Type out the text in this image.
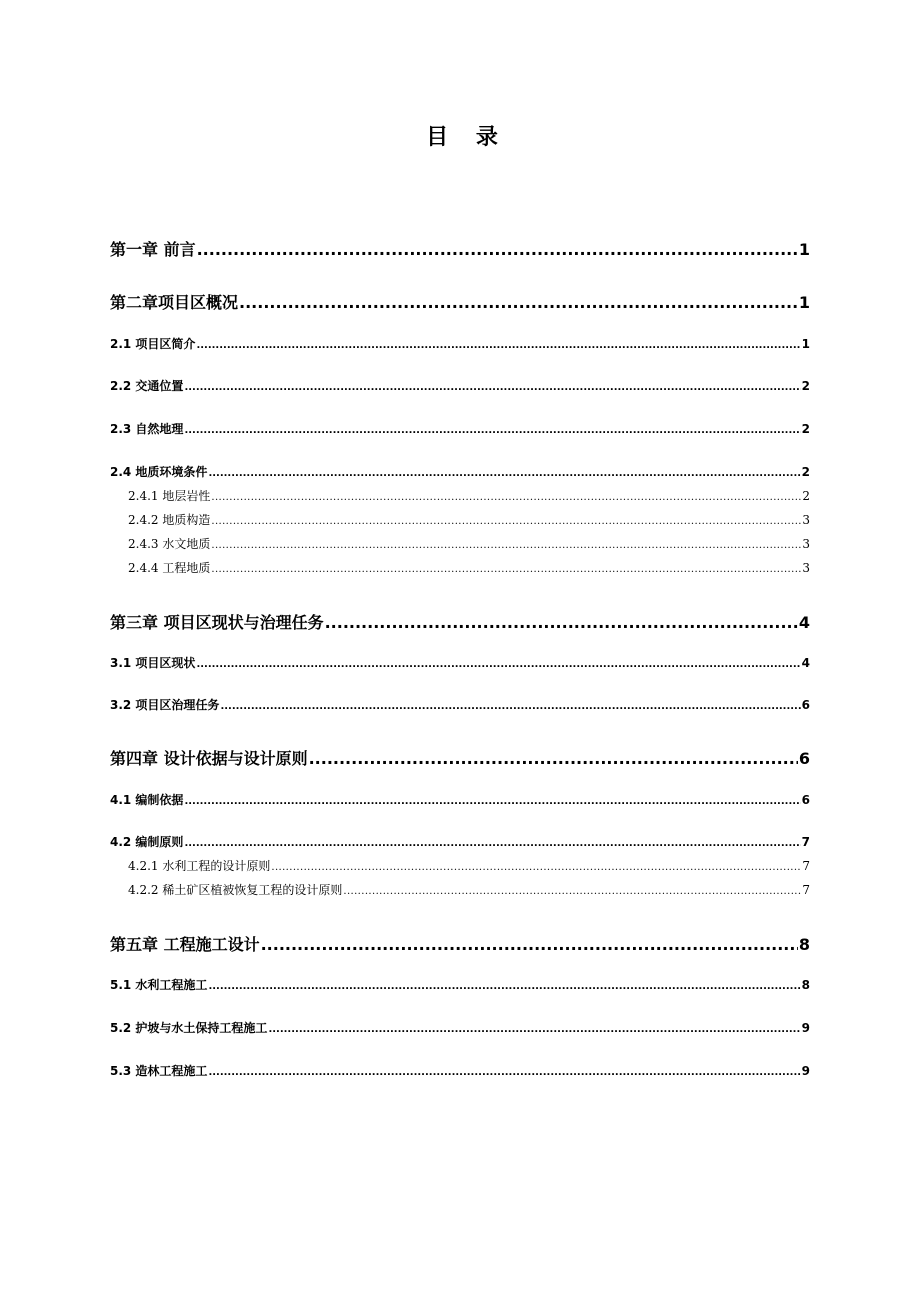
目 录
第一章 前言 .....	1
第二章项目区概况 .....	1
2.1 项目区简介 .....	1
2.2 交通位置 .....	2
2.3 自然地理 .....	2
2.4 地质环境条件 .....	2
2.4.1 地层岩性 .....	2
2.4.2 地质构造 .....	3
2.4.3 水文地质 .....	3
2.4.4 工程地质 .....	3
第三章 项目区现状与治理任务 .....	4
3.1 项目区现状 .....	4
3.2 项目区治理任务 .....	6
第四章 设计依据与设计原则 .....	6
4.1 编制依据 .....	6
4.2 编制原则 .....	7
4.2.1 水利工程的设计原则 .....	7
4.2.2 稀土矿区植被恢复工程的设计原则 .....	7
第五章 工程施工设计 .....	8
5.1 水利工程施工 .....	8
5.2 护坡与水土保持工程施工 .....	9
5.3 造林工程施工 .....	9
